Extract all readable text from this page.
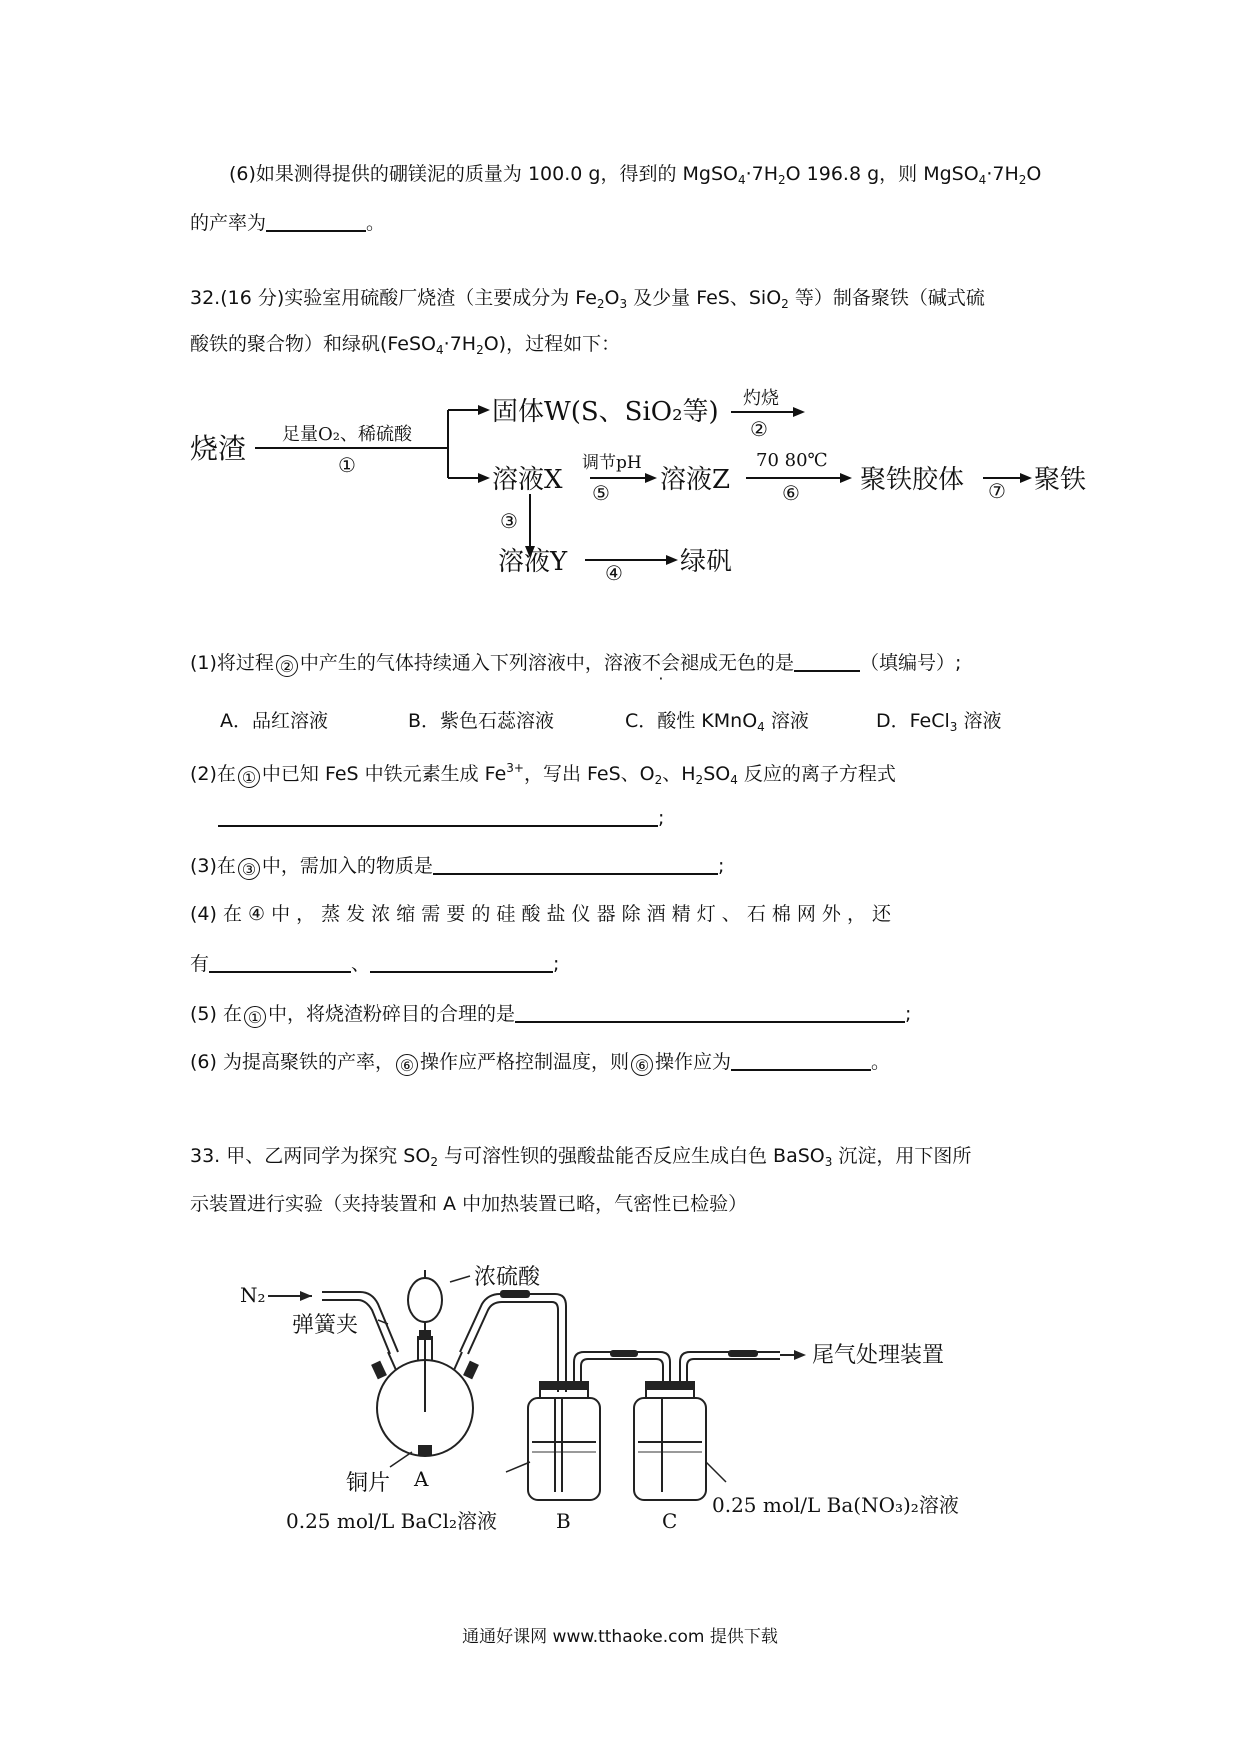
(6)如果测得提供的硼镁泥的质量为 100.0 g，得到的 $MgSO_4\cdot 7H_2O$ 196.8 g，则 $MgSO_4\cdot 7H_2O$
的产率为	。
32.(16 分)实验室用硫酸厂烧渣（主要成分为 $Fe_2O_3$ 及少量 FeS、SiO$_2$ 等）制备聚铁（碱式硫
酸铁的聚合物）和绿矾$(FeSO_4\cdot 7H_2O)$，过程如下：
烧渣 足量O₂、稀硫酸
①
固体W(S、SiO₂等) 灼烧
②
溶液X
调节pH
⑤ 溶液Z
70 80℃
⑥ 聚铁胶体 ⑦ 聚铁
③
溶液Y ④ 绿矾
(1)将过程 ② 中产生的气体持续通入下列溶液中，溶液不会褪成无色的是	（填编号）;
A．品红溶液	B．紫色石蕊溶液	C．酸性 KMnO$_4$ 溶液	D．FeCl$_3$ 溶液
(2)在 ① 中已知 FeS 中铁元素生成 $Fe^{3+}$，写出 FeS、$O_2$、$H_2SO_4$ 反应的离子方程式
;
(3)在 ③ 中，需加入的物质是	;
(4) 在 ④ 中 ， 蒸 发 浓 缩 需 要 的 硅 酸 盐 仪 器 除 酒 精 灯 、 石 棉 网 外 ， 还
有	、	;
(5) 在 ① 中，将烧渣粉碎目的合理的是	;
(6) 为提高聚铁的产率， ⑥ 操作应严格控制温度，则 ⑥ 操作应为	。
33. 甲、乙两同学为探究 $SO_2$ 与可溶性钡的强酸盐能否反应生成白色 BaSO$_3$ 沉淀，用下图所
示装置进行实验（夹持装置和 A 中加热装置已略，气密性已检验）
N₂
浓硫酸
弹簧夹
尾气处理装置
铜片 A
0.25 mol/L BaCl₂溶液	B	C
0.25 mol/L Ba(NO₃)₂溶液
通通好课网 www.tthaoke.com 提供下载
